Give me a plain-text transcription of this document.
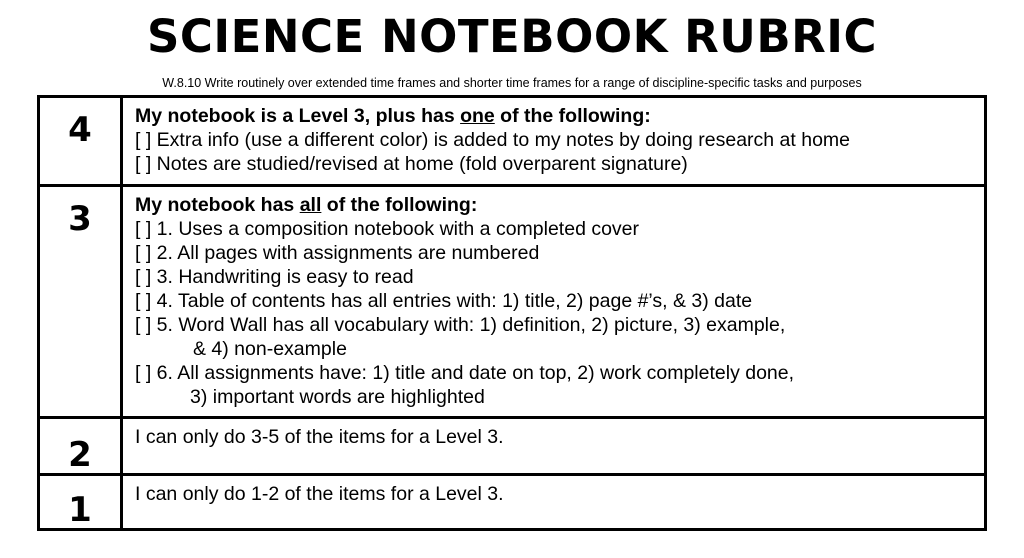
SCIENCE NOTEBOOK RUBRIC
W.8.10 Write routinely over extended time frames and shorter time frames for a range of discipline-specific tasks and purposes
4	My notebook is a Level 3, plus has one of the following:
[ ] Extra info (use a different color) is added to my notes by doing research at home
[ ] Notes are studied/revised at home (fold overparent signature)
3	My notebook has all of the following:
[ ] 1. Uses a composition notebook with a completed cover
[ ] 2. All pages with assignments are numbered
[ ] 3. Handwriting is easy to read
[ ] 4. Table of contents has all entries with: 1) title, 2) page #’s, & 3) date
[ ] 5. Word Wall has all vocabulary with: 1) definition, 2) picture, 3) example,
& 4) non-example
[ ] 6. All assignments have: 1) title and date on top, 2) work completely done,
3) important words are highlighted
2	I can only do 3-5 of the items for a Level 3.
1	I can only do 1-2 of the items for a Level 3.
